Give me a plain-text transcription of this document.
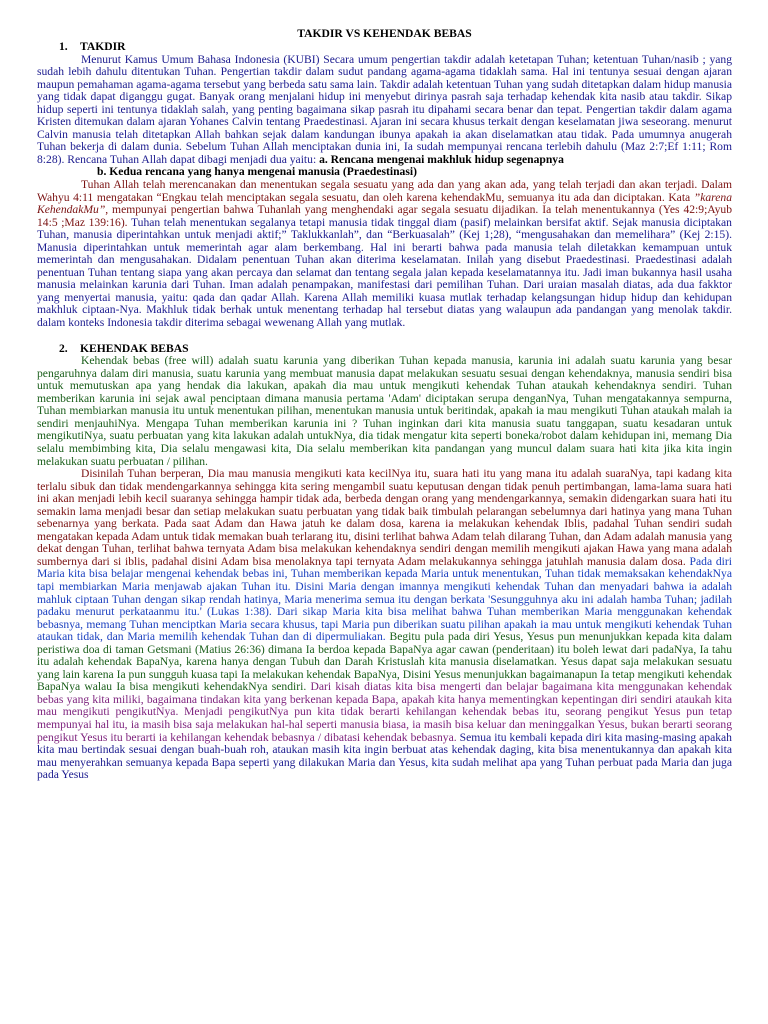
TAKDIR VS KEHENDAK BEBAS
1. TAKDIR

Menurut Kamus Umum Bahasa Indonesia (KUBI) Secara umum pengertian takdir adalah ketetapan Tuhan; ketentuan Tuhan/nasib ; yang sudah lebih dahulu ditentukan Tuhan. Pengertian takdir dalam sudut pandang agama-agama tidaklah sama. Hal ini tentunya sesuai dengan ajaran maupun pemahaman agama-agama tersebut yang berbeda satu sama lain. Takdir adalah ketentuan Tuhan yang sudah ditetapkan dalam hidup manusia yang tidak dapat diganggu gugat. Banyak orang menjalani hidup ini menyebut dirinya pasrah saja terhadap kehendak kita nasib atau takdir. Sikap hidup seperti ini tentunya tidaklah salah, yang penting bagaimana sikap pasrah itu dipahami secara benar dan tepat. Pengertian takdir dalam agama Kristen ditemukan dalam ajaran Yohanes Calvin tentang Praedestinasi. Ajaran ini secara khusus terkait dengan keselamatan jiwa seseorang. menurut Calvin manusia telah ditetapkan Allah bahkan sejak dalam kandungan ibunya apakah ia akan diselamatkan atau tidak. Pada umumnya anugerah Tuhan bekerja di dalam dunia. Sebelum Tuhan Allah menciptakan dunia ini, Ia sudah mempunyai rencana terlebih dahulu (Maz 2:7;Ef 1:11; Rom 8:28). Rencana Tuhan Allah dapat dibagi menjadi dua yaitu: a. Rencana mengenai makhluk hidup segenapnya

b. Kedua rencana yang hanya mengenai manusia (Praedestinasi)

Tuhan Allah telah merencanakan dan menentukan segala sesuatu yang ada dan yang akan ada, yang telah terjadi dan akan terjadi. Dalam Wahyu 4:11 mengatakan “Engkau telah menciptakan segala sesuatu, dan oleh karena kehendakMu, semuanya itu ada dan diciptakan. Kata ”karena KehendakMu”, mempunyai pengertian bahwa Tuhanlah yang menghendaki agar segala sesuatu dijadikan. Ia telah menentukannya (Yes 42:9;Ayub 14:5 ;Maz 139:16). Tuhan telah menentukan segalanya tetapi manusia tidak tinggal diam (pasif) melainkan bersifat aktif. Sejak manusia diciptakan Tuhan, manusia diperintahkan untuk menjadi aktif;” Taklukkanlah”, dan “Berkuasalah” (Kej 1;28), “mengusahakan dan memelihara” (Kej 2:15). Manusia diperintahkan untuk memerintah agar alam berkembang. Hal ini berarti bahwa pada manusia telah diletakkan kemampuan untuk memerintah dan mengusahakan. Didalam penentuan Tuhan akan diterima keselamatan. Inilah yang disebut Praedestinasi. Praedestinasi adalah penentuan Tuhan tentang siapa yang akan percaya dan selamat dan tentang segala jalan kepada keselamatannya itu. Jadi iman bukannya hasil usaha manusia melainkan karunia dari Tuhan. Iman adalah penampakan, manifestasi dari pemilihan Tuhan. Dari uraian masalah diatas, ada dua fakktor yang menyertai manusia, yaitu: qada dan qadar Allah. Karena Allah memiliki kuasa mutlak terhadap kelangsungan hidup hidup dan kehidupan makhluk ciptaan-Nya. Makhluk tidak berhak untuk menentang terhadap hal tersebut diatas yang walaupun ada pandangan yang menolak takdir. dalam konteks Indonesia takdir diterima sebagai wewenang Allah yang mutlak.

2. KEHENDAK BEBAS

Kehendak bebas (free will) adalah suatu karunia yang diberikan Tuhan kepada manusia, karunia ini adalah suatu karunia yang besar pengaruhnya dalam diri manusia, suatu karunia yang membuat manusia dapat melakukan sesuatu sesuai dengan kehendaknya, manusia sendiri bisa untuk memutuskan apa yang hendak dia lakukan, apakah dia mau untuk mengikuti kehendak Tuhan ataukah kehendaknya sendiri. Tuhan memberikan karunia ini sejak awal penciptaan dimana manusia pertama 'Adam' diciptakan serupa denganNya, Tuhan mengatakannya sempurna, Tuhan membiarkan manusia itu untuk menentukan pilihan, menentukan manusia untuk beritindak, apakah ia mau mengikuti Tuhan ataukah malah ia sendiri menjauhiNya. Mengapa Tuhan memberikan karunia ini ? Tuhan inginkan dari kita manusia suatu tanggapan, suatu kesadaran untuk mengikutiNya, suatu perbuatan yang kita lakukan adalah untukNya, dia tidak mengatur kita seperti boneka/robot dalam kehidupan ini, memang Dia selalu membimbing kita, Dia selalu mengawasi kita, Dia selalu memberikan kita pandangan yang muncul dalam suara hati kita jika kita ingin melakukan suatu perbuatan / pilihan.

Disinilah Tuhan berperan, Dia mau manusia mengikuti kata kecilNya itu, suara hati itu yang mana itu adalah suaraNya, tapi kadang kita terlalu sibuk dan tidak mendengarkannya sehingga kita sering mengambil suatu keputusan dengan tidak penuh pertimbangan, lama-lama suara hati ini akan menjadi lebih kecil suaranya sehingga hampir tidak ada, berbeda dengan orang yang mendengarkannya, semakin didengarkan suara hati itu semakin lama menjadi besar dan setiap melakukan suatu perbuatan yang tidak baik timbulah pelarangan sebelumnya dari hatinya yang mana Tuhan sebenarnya yang berkata. Pada saat Adam dan Hawa jatuh ke dalam dosa, karena ia melakukan kehendak Iblis, padahal Tuhan sendiri sudah mengatakan kepada Adam untuk tidak memakan buah terlarang itu, disini terlihat bahwa Adam telah dilarang Tuhan, dan Adam adalah manusia yang dekat dengan Tuhan, terlihat bahwa ternyata Adam bisa melakukan kehendaknya sendiri dengan memilih mengikuti ajakan Hawa yang mana adalah sumbernya dari si iblis, padahal disini Adam bisa menolaknya tapi ternyata Adam melakukannya sehingga jatuhlah manusia dalam dosa. Pada diri Maria kita bisa belajar mengenai kehendak bebas ini, Tuhan memberikan kepada Maria untuk menentukan, Tuhan tidak memaksakan kehendakNya tapi membiarkan Maria menjawab ajakan Tuhan itu. Disini Maria dengan imannya mengikuti kehendak Tuhan dan menyadari bahwa ia adalah mahluk ciptaan Tuhan dengan sikap rendah hatinya, Maria menerima semua itu dengan berkata 'Sesungguhnya aku ini adalah hamba Tuhan; jadilah padaku menurut perkataanmu itu.' (Lukas 1:38). Dari sikap Maria kita bisa melihat bahwa Tuhan memberikan Maria menggunakan kehendak bebasnya, memang Tuhan menciptkan Maria secara khusus, tapi Maria pun diberikan suatu pilihan apakah ia mau untuk mengikuti kehendak Tuhan ataukan tidak, dan Maria memilih kehendak Tuhan dan di dipermuliakan. Begitu pula pada diri Yesus, Yesus pun menunjukkan kepada kita dalam peristiwa doa di taman Getsmani (Matius 26:36) dimana Ia berdoa kepada BapaNya agar cawan (penderitaan) itu boleh lewat dari padaNya, Ia tahu itu adalah kehendak BapaNya, karena hanya dengan Tubuh dan Darah Kristuslah kita manusia diselamatkan. Yesus dapat saja melakukan sesuatu yang lain karena Ia pun sungguh kuasa tapi Ia melakukan kehendak BapaNya, Disini Yesus menunjukkan bagaimanapun Ia tetap mengikuti kehendak BapaNya walau Ia bisa mengikuti kehendakNya sendiri. Dari kisah diatas kita bisa mengerti dan belajar bagaimana kita menggunakan kehendak bebas yang kita miliki, bagaimana tindakan kita yang berkenan kepada Bapa, apakah kita hanya mementingkan kepentingan diri sendiri ataukah kita mau mengikuti pengikutNya. Menjadi pengikutNya pun kita tidak berarti kehilangan kehendak bebas itu, seorang pengikut Yesus pun tetap mempunyai hal itu, ia masih bisa saja melakukan hal-hal seperti manusia biasa, ia masih bisa keluar dan meninggalkan Yesus, bukan berarti seorang pengikut Yesus itu berarti ia kehilangan kehendak bebasnya / dibatasi kehendak bebasnya. Semua itu kembali kepada diri kita masing-masing apakah kita mau bertindak sesuai dengan buah-buah roh, ataukan masih kita ingin berbuat atas kehendak daging, kita bisa menentukannya dan apakah kita mau menyerahkan semuanya kepada Bapa seperti yang dilakukan Maria dan Yesus, kita sudah melihat apa yang Tuhan perbuat pada Maria dan juga pada Yesus
